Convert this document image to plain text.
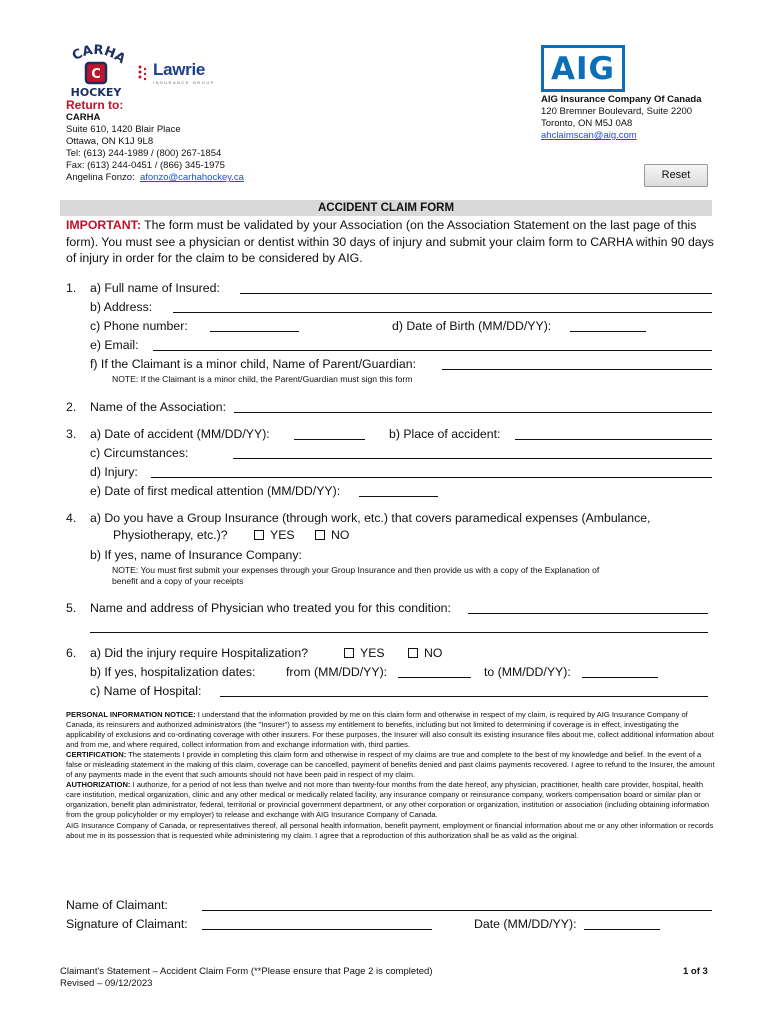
CARHA
C
HOCKEY
Lawrie
INSURANCE GROUP	AIG
Return to:
CARHA
Suite 610, 1420 Blair Place
Ottawa, ON K1J 9L8
Tel: (613) 244-1989 / (800) 267-1854
Fax: (613) 244-0451 / (866) 345-1975
Angelina Fonzo: afonzo@carhahockey.ca
AIG Insurance Company Of Canada
120 Bremner Boulevard, Suite 2200
Toronto, ON M5J 0A8
ahclaimscan@aig.com
Reset
ACCIDENT CLAIM FORM
IMPORTANT: The form must be validated by your Association (on the Association Statement on the last page of this form). You must see a physician or dentist within 30 days of injury and submit your claim form to CARHA within 90 days of injury in order for the claim to be considered by AIG.
1. a) Full name of Insured:
b) Address:
c) Phone number:	d) Date of Birth (MM/DD/YY):
e) Email:
f) If the Claimant is a minor child, Name of Parent/Guardian:
NOTE: If the Claimant is a minor child, the Parent/Guardian must sign this form
2. Name of the Association:
3. a) Date of accident (MM/DD/YY):	b) Place of accident:
c) Circumstances:
d) Injury:
e) Date of first medical attention (MM/DD/YY):
4. a) Do you have a Group Insurance (through work, etc.) that covers paramedical expenses (Ambulance,
Physiotherapy, etc.)?	YES	NO
b) If yes, name of Insurance Company:
NOTE: You must first submit your expenses through your Group Insurance and then provide us with a copy of the Explanation of
benefit and a copy of your receipts
5. Name and address of Physician who treated you for this condition:
6. a) Did the injury require Hospitalization?	YES	NO
b) If yes, hospitalization dates: from (MM/DD/YY):	to (MM/DD/YY):
c) Name of Hospital:
PERSONAL INFORMATION NOTICE: I understand that the information provided by me on this claim form and otherwise in respect of my claim, is required by AIG Insurance Company of Canada, its reinsurers and authorized administrators (the "Insurer") to assess my entitlement to benefits, including but not limited to determining if coverage is in effect, investigating the applicability of exclusions and co-ordinating coverage with other insurers. For these purposes, the Insurer will also consult its existing insurance files about me, collect additional information about and from me, and where required, collect information from and exchange information with, third parties.
CERTIFICATION: The statements I provide in completing this claim form and otherwise in respect of my claims are true and complete to the best of my knowledge and belief. In the event of a false or misleading statement in the making of this claim, coverage can be cancelled, payment of benefits denied and past claims payments recovered. I agree to refund to the Insurer, the amount of any payments made in the event that such amounts should not have been paid in respect of my claim.
AUTHORIZATION: I authorize, for a period of not less than twelve and not more than twenty-four months from the date hereof, any physician, practitioner, health care provider, hospital, health care institution, medical organization, clinic and any other medical or medically related facility, any insurance company or reinsurance company, workers compensation board or similar plan or organization, benefit plan administrator, federal, territorial or provincial government department, or any other corporation or organization, institution or association (including obtaining information from the group policyholder or my employer) to release and exchange with AIG Insurance Company of Canada.
AIG Insurance Company of Canada, or representatives thereof, all personal health information, benefit payment, employment or financial information about me or any other information or records about me in its possession that is requested while administering my claim. I agree that a reproduction of this authorization shall be as valid as the original.
Name of Claimant:
Signature of Claimant:	Date (MM/DD/YY):
Claimant's Statement – Accident Claim Form (**Please ensure that Page 2 is completed)
Revised – 09/12/2023
1 of 3
